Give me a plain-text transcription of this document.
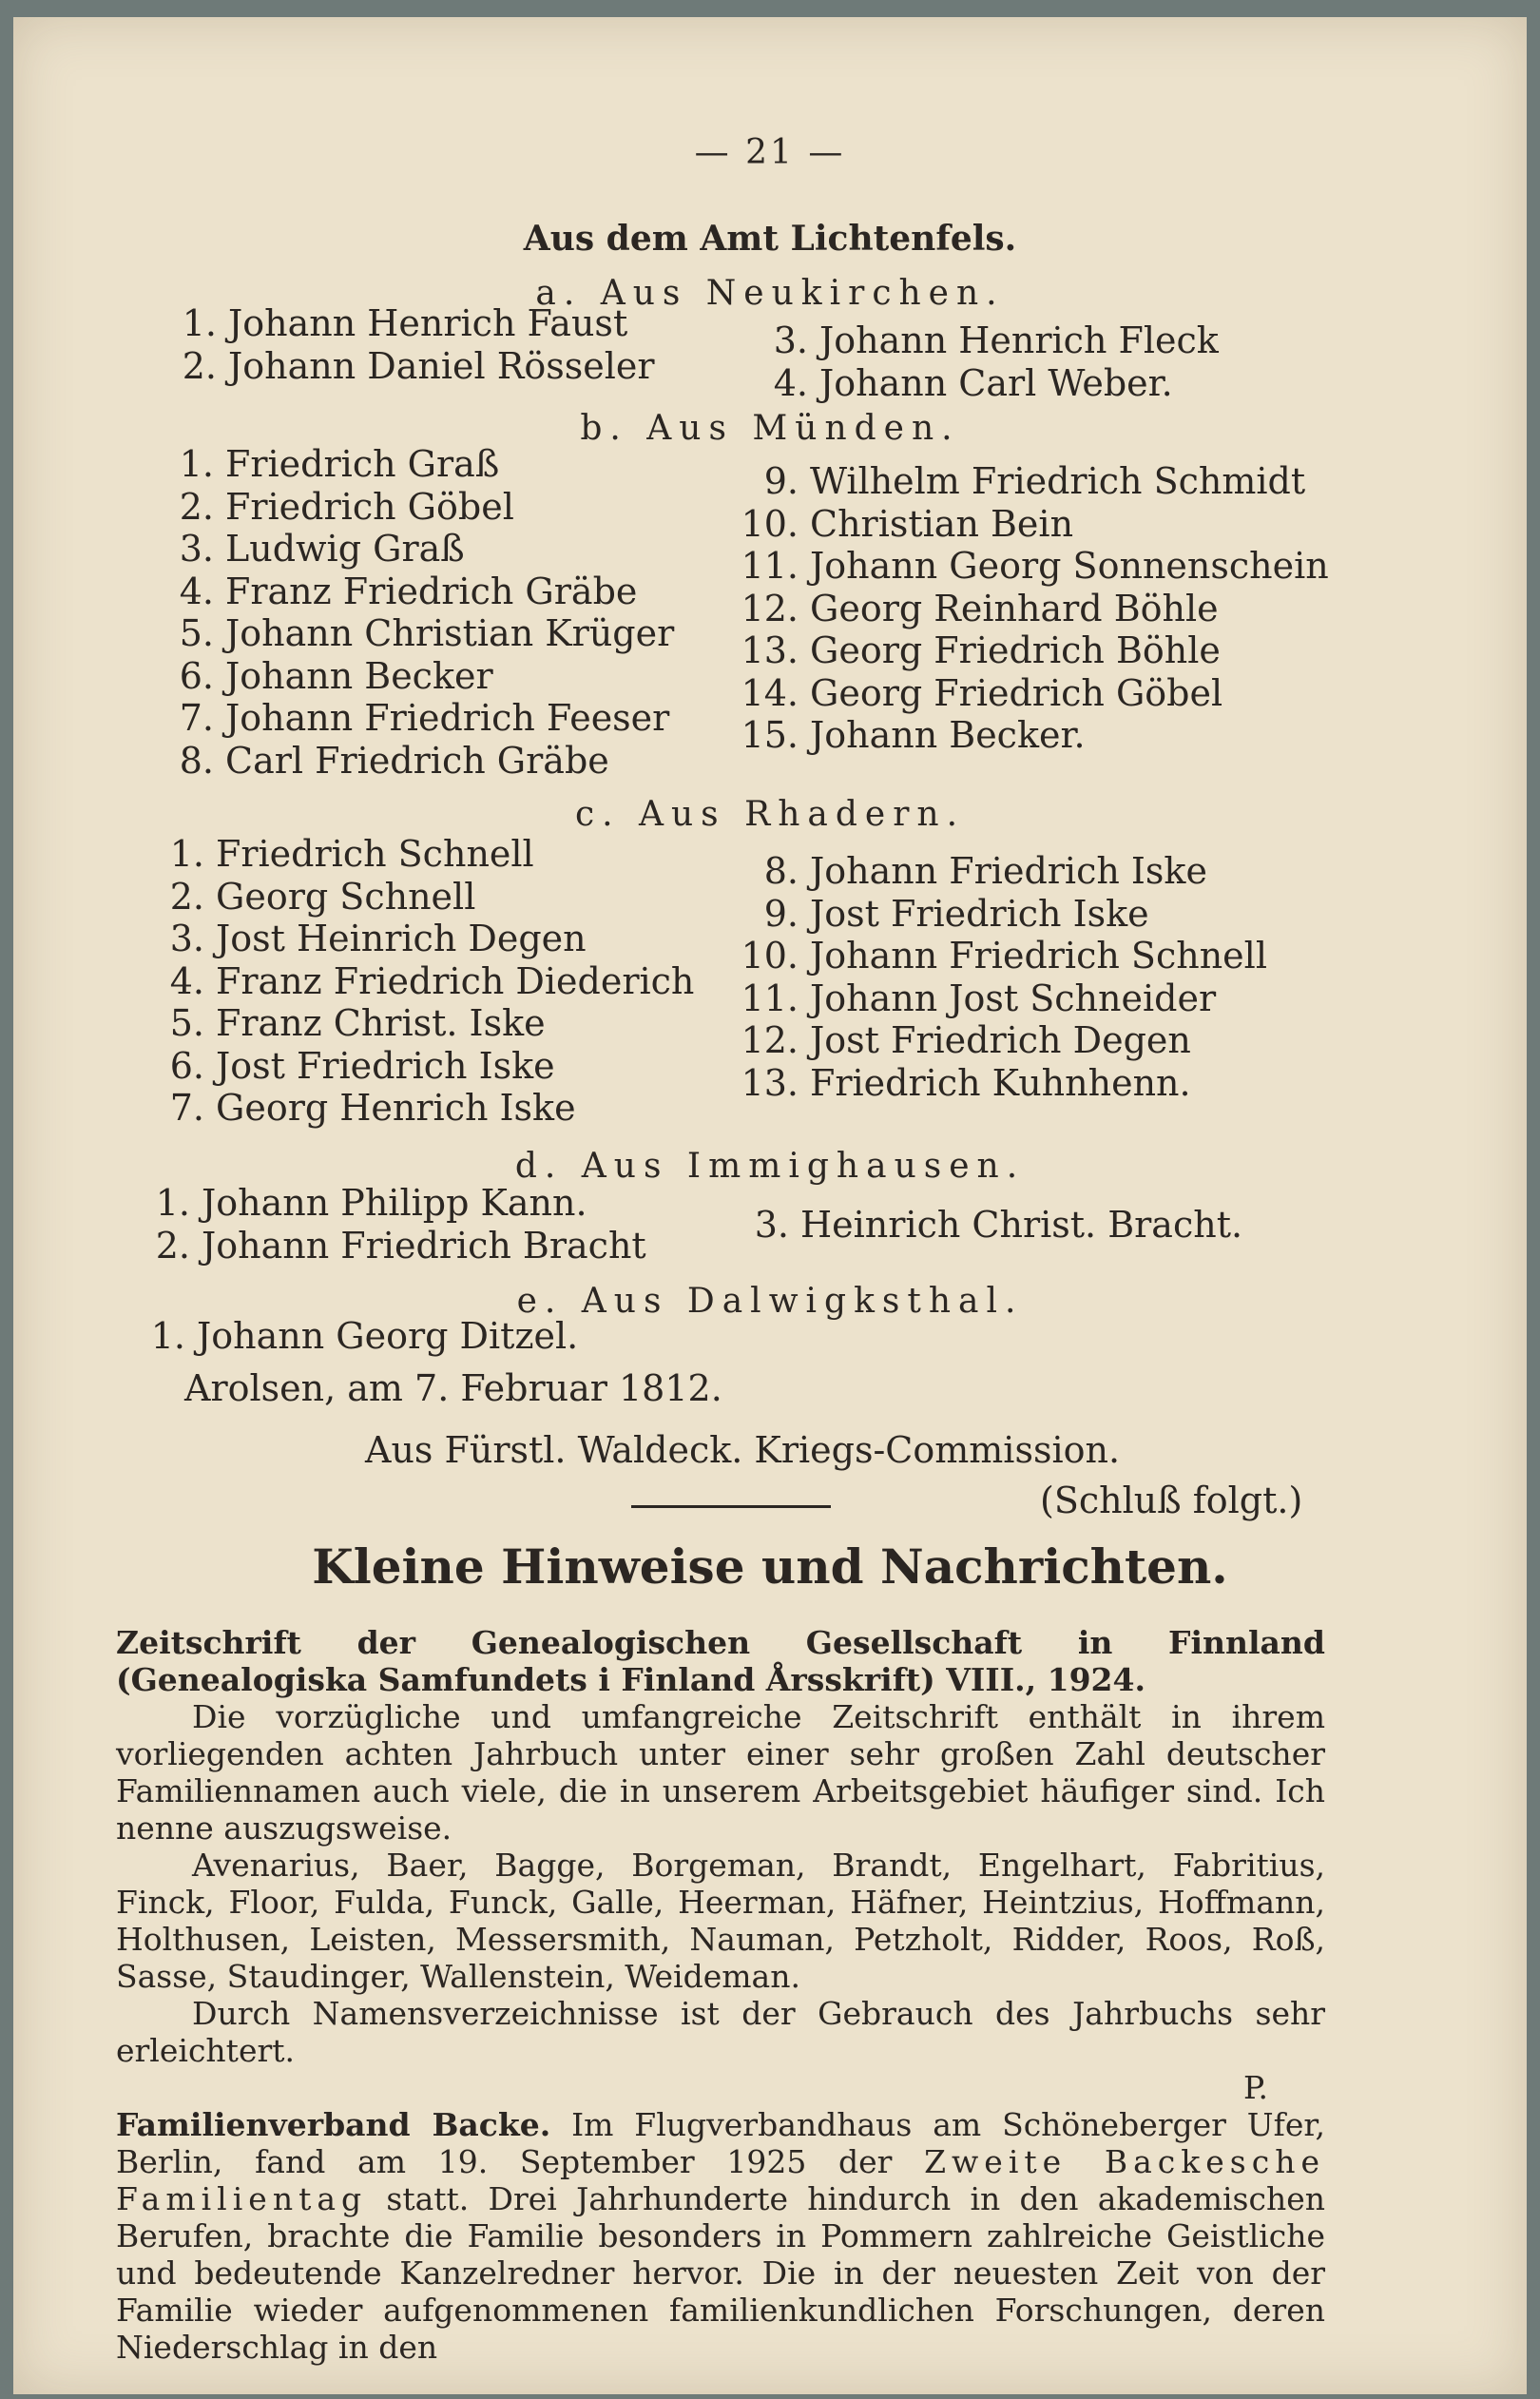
— 21 —
Aus dem Amt Lichtenfels.
a. Aus Neukirchen.
1. Johann Henrich Faust
2. Johann Daniel Rösseler
3. Johann Henrich Fleck
4. Johann Carl Weber.
b. Aus Münden.
1. Friedrich Graß
2. Friedrich Göbel
3. Ludwig Graß
4. Franz Friedrich Gräbe
5. Johann Christian Krüger
6. Johann Becker
7. Johann Friedrich Feeser
8. Carl Friedrich Gräbe
9. Wilhelm Friedrich Schmidt
10. Christian Bein
11. Johann Georg Sonnenschein
12. Georg Reinhard Böhle
13. Georg Friedrich Böhle
14. Georg Friedrich Göbel
15. Johann Becker.
c. Aus Rhadern.
1. Friedrich Schnell
2. Georg Schnell
3. Jost Heinrich Degen
4. Franz Friedrich Diederich
5. Franz Christ. Iske
6. Jost Friedrich Iske
7. Georg Henrich Iske
8. Johann Friedrich Iske
9. Jost Friedrich Iske
10. Johann Friedrich Schnell
11. Johann Jost Schneider
12. Jost Friedrich Degen
13. Friedrich Kuhnhenn.
d. Aus Immighausen.
1. Johann Philipp Kann.
2. Johann Friedrich Bracht	3. Heinrich Christ. Bracht.
e. Aus Dalwigksthal.
1. Johann Georg Ditzel.
Arolsen, am 7. Februar 1812.
Aus Fürstl. Waldeck. Kriegs-Commission.
(Schluß folgt.)
Kleine Hinweise und Nachrichten.

Zeitschrift der Genealogischen Gesellschaft in Finnland (Genealogiska Samfundets i Finland Årsskrift) VIII., 1924.

Die vorzügliche und umfangreiche Zeitschrift enthält in ihrem vorliegenden achten Jahrbuch unter einer sehr großen Zahl deutscher Familiennamen auch viele, die in unserem Arbeitsgebiet häufiger sind. Ich nenne auszugsweise.

Avenarius, Baer, Bagge, Borgeman, Brandt, Engelhart, Fabritius, Finck, Floor, Fulda, Funck, Galle, Heerman, Häfner, Heintzius, Hoffmann, Holthusen, Leisten, Messersmith, Nauman, Petzholt, Ridder, Roos, Roß, Sasse, Staudinger, Wallenstein, Weideman.

Durch Namensverzeichnisse ist der Gebrauch des Jahrbuchs sehr erleichtert.

P.

Familienverband Backe. Im Flugverbandhaus am Schöneberger Ufer, Berlin, fand am 19. September 1925 der Zweite Backesche Familientag statt. Drei Jahrhunderte hindurch in den akademischen Berufen, brachte die Familie besonders in Pommern zahlreiche Geistliche und bedeutende Kanzelredner hervor. Die in der neuesten Zeit von der Familie wieder aufgenommenen familienkundlichen Forschungen, deren Niederschlag in den
